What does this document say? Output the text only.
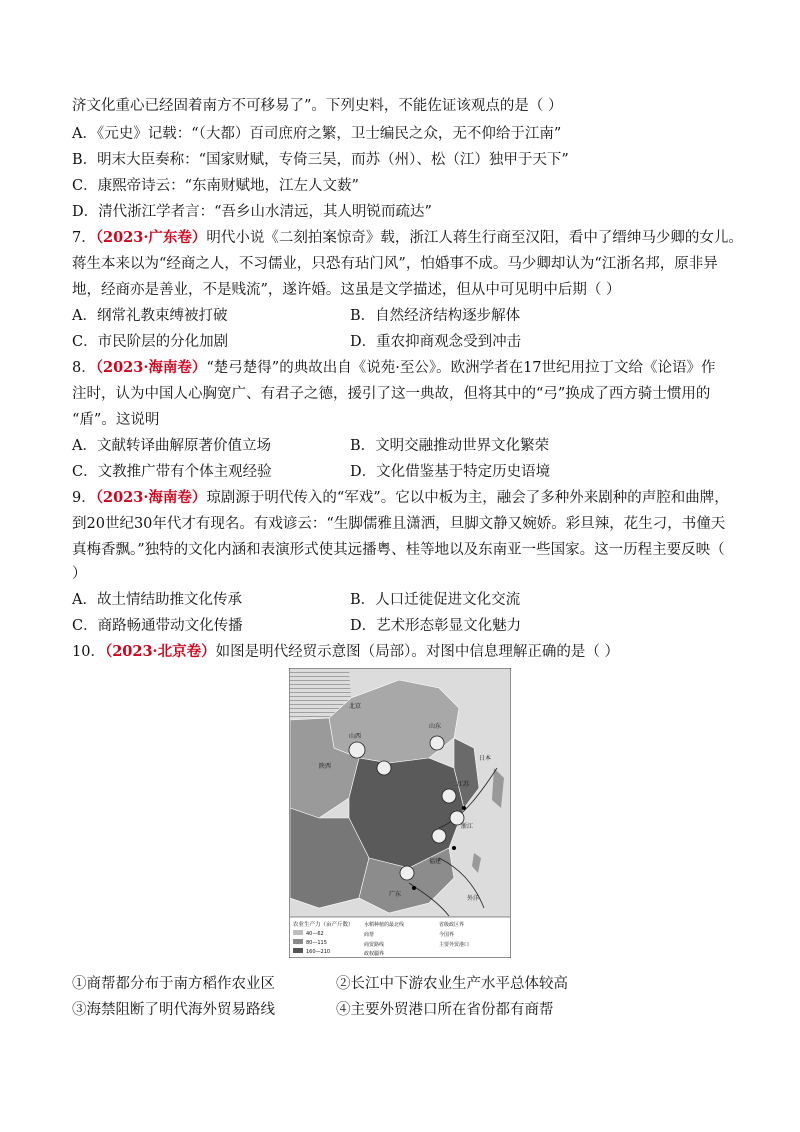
济文化重心已经固着南方不可移易了”。下列史料，不能佐证该观点的是（ ）
A．《元史》记载：“（大都）百司庶府之繁，卫士编民之众，无不仰给于江南”
B．明末大臣奏称：“国家财赋，专倚三吴，而苏（州）、松（江）独甲于天下”
C．康熙帝诗云：“东南财赋地，江左人文薮”
D．清代浙江学者言：“吾乡山水清远，其人明锐而疏达”
7．（2023·广东卷）明代小说《二刻拍案惊奇》载，浙江人蒋生行商至汉阳，看中了缙绅马少卿的女儿。
蒋生本来以为“经商之人，不习儒业，只恐有玷门风”，怕婚事不成。马少卿却认为“江浙名邦，原非异
地，经商亦是善业，不是贱流”，遂许婚。这虽是文学描述，但从中可见明中后期（ ）
A．纲常礼教束缚被打破	B．自然经济结构逐步解体
C．市民阶层的分化加剧	D．重农抑商观念受到冲击
8．（2023·海南卷）“楚弓楚得”的典故出自《说苑·至公》。欧洲学者在17世纪用拉丁文给《论语》作
注时，认为中国人心胸宽广、有君子之德，援引了这一典故，但将其中的“弓”换成了西方骑士惯用的
“盾”。这说明
A．文献转译曲解原著价值立场	B．文明交融推动世界文化繁荣
C．文教推广带有个体主观经验	D．文化借鉴基于特定历史语境
9．（2023·海南卷）琼剧源于明代传入的“军戏”。它以中板为主，融会了多种外来剧种的声腔和曲牌，
到20世纪30年代才有现名。有戏谚云：“生脚儒雅且潇洒，旦脚文静又婉娇。彩旦辣，花生刁，书僮天
真梅香飘。”独特的文化内涵和表演形式使其远播粤、桂等地以及东南亚一些国家。这一历程主要反映（
）
A．故土情结助推文化传承	B．人口迁徙促进文化交流
C．商路畅通带动文化传播	D．艺术形态彰显文化魅力
10．（2023·北京卷）如图是明代经贸示意图（局部）。对图中信息理解正确的是（ ）
北京
山东
山西
陕西
江苏
浙江
福建
广东
日本
外洋
农业生产力（亩产斤数）
40—62
80—115
160—210
水稻种植的最北线
商帮
商贸路线
政权疆界
省级政区界
今国界
主要外贸港口
①商帮都分布于南方稻作农业区	②长江中下游农业生产水平总体较高
③海禁阻断了明代海外贸易路线	④主要外贸港口所在省份都有商帮
